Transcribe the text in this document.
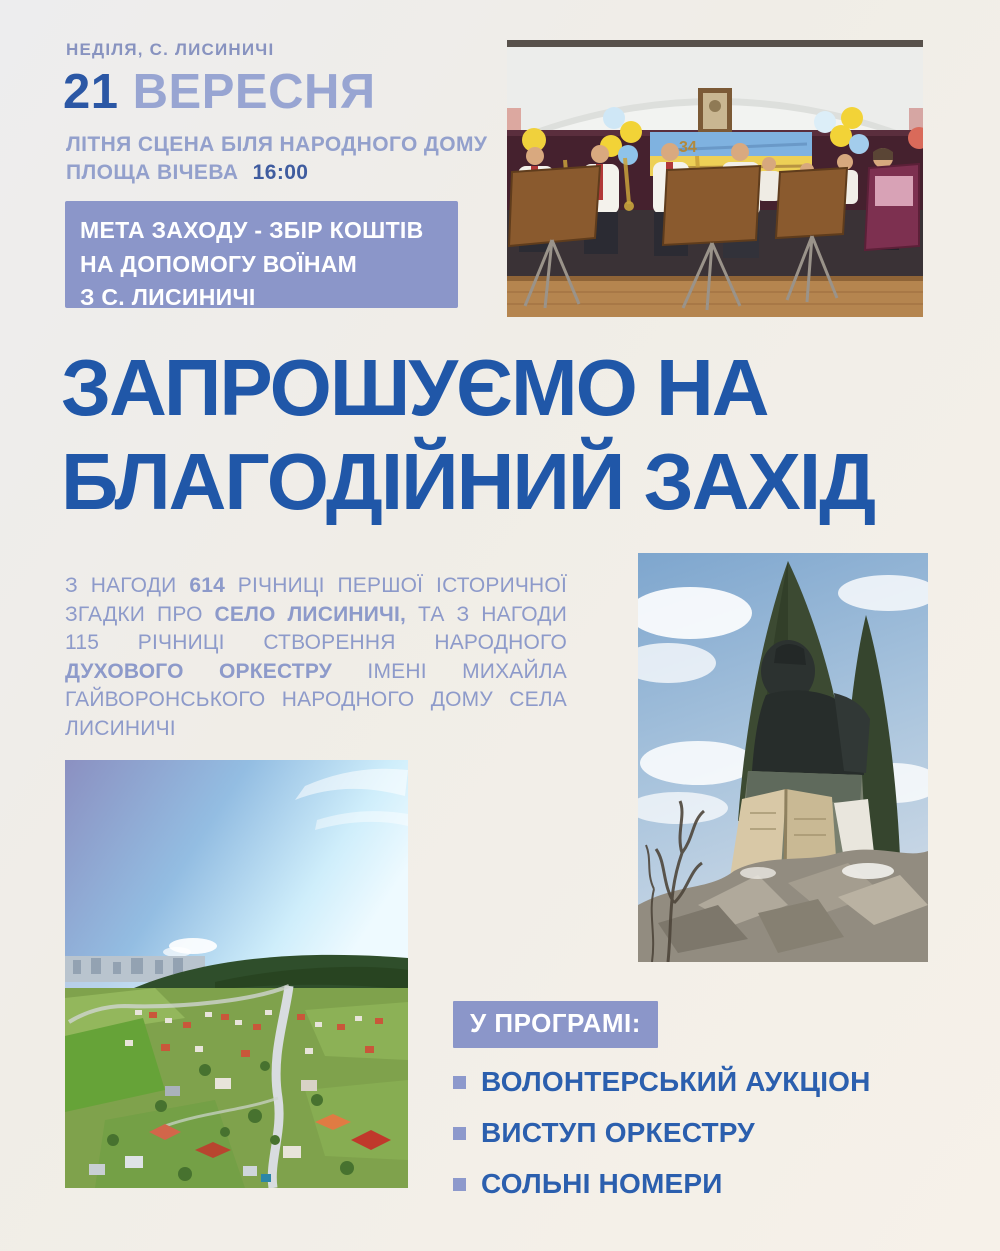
НЕДІЛЯ, С. ЛИСИНИЧІ
21 ВЕРЕСНЯ
ЛІТНЯ СЦЕНА БІЛЯ НАРОДНОГО ДОМУ
ПЛОЩА ВІЧЕВА 16:00
МЕТА ЗАХОДУ - ЗБІР КОШТІВ
НА ДОПОМОГУ ВОЇНАМ
З С. ЛИСИНИЧІ
34
ЗАПРОШУЄМО НА
БЛАГОДІЙНИЙ ЗАХІД

З НАГОДИ 614 РІЧНИЦІ ПЕРШОЇ ІСТОРИЧНОЇ ЗГАДКИ ПРО СЕЛО ЛИСИНИЧІ, ТА З НАГОДИ 115 РІЧНИЦІ СТВОРЕННЯ НАРОДНОГО ДУХОВОГО ОРКЕСТРУ ІМЕНІ МИХАЙЛА ГАЙВОРОНСЬКОГО НАРОДНОГО ДОМУ СЕЛА ЛИСИНИЧІ

У ПРОГРАМІ:
ВОЛОНТЕРСЬКИЙ АУКЦІОН
ВИСТУП ОРКЕСТРУ
СОЛЬНІ НОМЕРИ
